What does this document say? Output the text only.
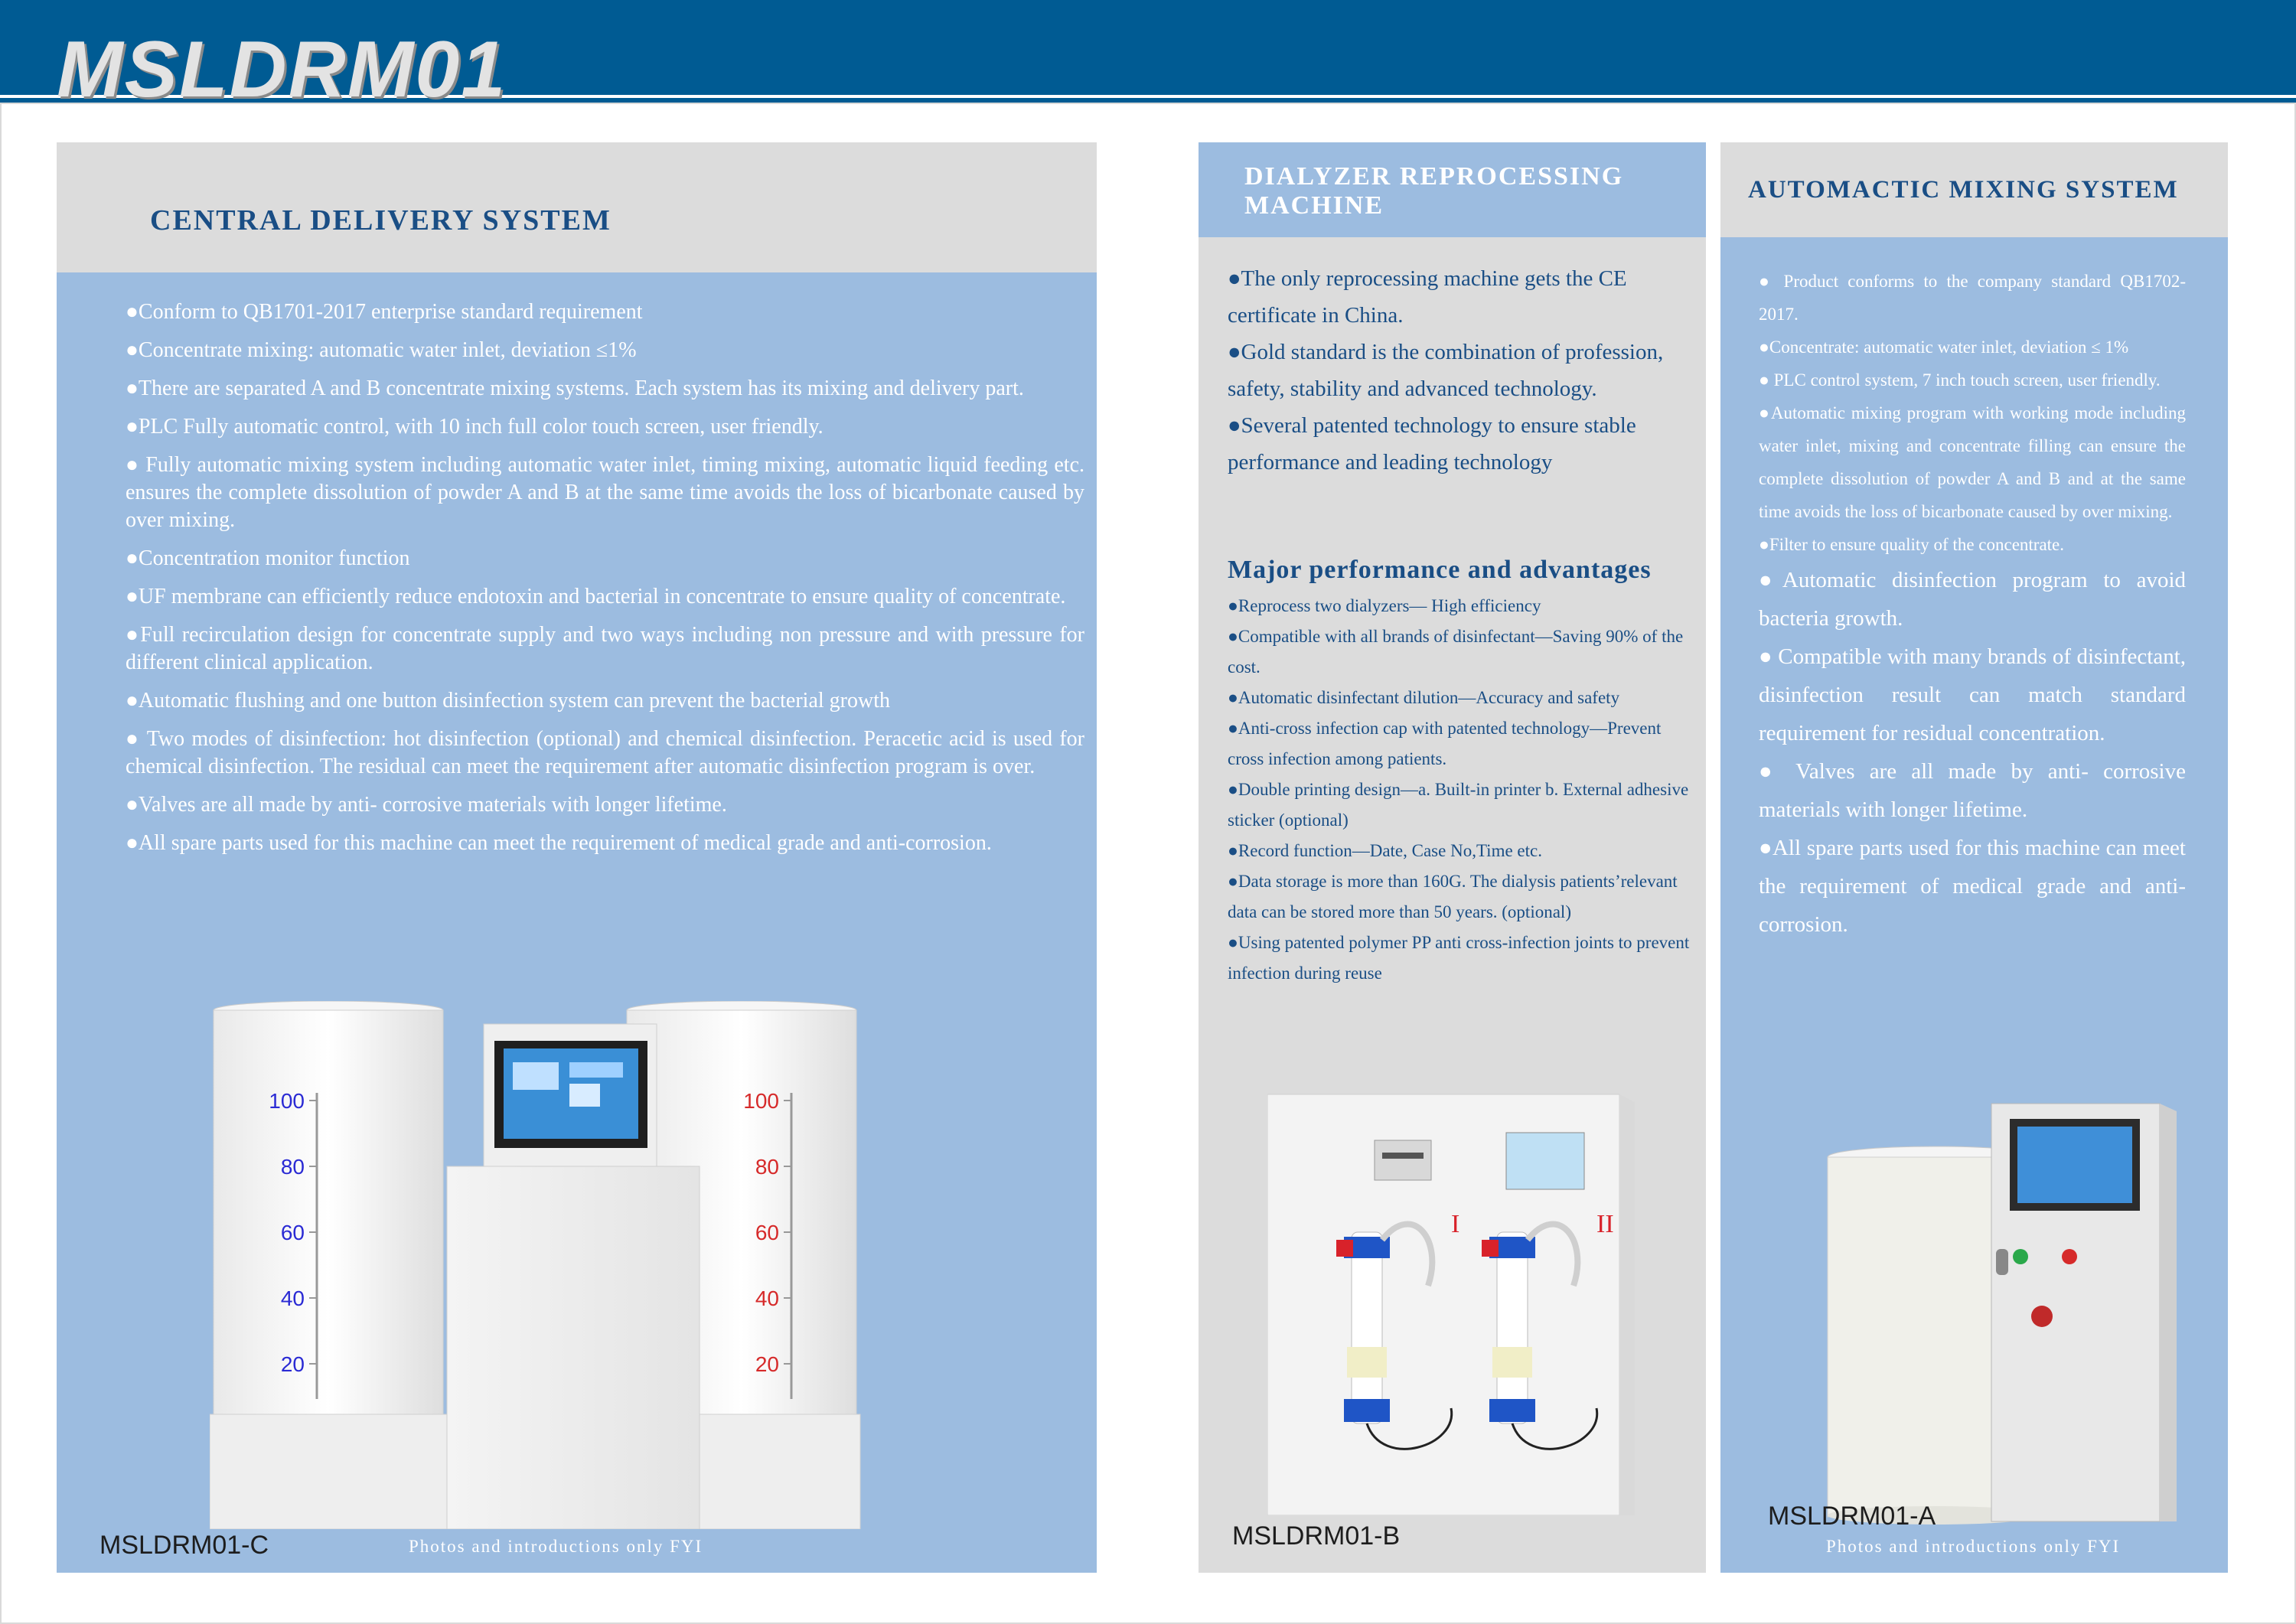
MSLDRM01
CENTRAL DELIVERY SYSTEM
●Conform to QB1701-2017 enterprise standard requirement
●Concentrate mixing: automatic water inlet, deviation ≤1%
●There are separated A and B concentrate mixing systems. Each system has its mixing and delivery part.
●PLC Fully automatic control, with 10 inch full color touch screen, user friendly.
● Fully automatic mixing system including automatic water inlet, timing mixing, automatic liquid feeding etc. ensures the complete dissolution of powder A and B at the same time avoids the loss of bicarbonate caused by over mixing.
●Concentration monitor function
●UF membrane can efficiently reduce endotoxin and bacterial in concentrate to ensure quality of concentrate.
●Full recirculation design for concentrate supply and two ways including non pressure and with pressure for different clinical application.
●Automatic flushing and one button disinfection system can prevent the bacterial growth
● Two modes of disinfection: hot disinfection (optional) and chemical disinfection. Peracetic acid is used for chemical disinfection. The residual can meet the requirement after automatic disinfection program is over.
●Valves are all made by anti- corrosive materials with longer lifetime.
●All spare parts used for this machine can meet the requirement of medical grade and anti-corrosion.
100
80
60
40
20
100
80
60
40
20

MSLDRM01-C	Photos and introductions only FYI

DIALYZER REPROCESSING MACHINE
●The only reprocessing machine gets the CE certificate in China.
●Gold standard is the combination of profession, safety, stability and advanced technology.
●Several patented technology to ensure stable performance and leading technology
Major performance and advantages
●Reprocess two dialyzers— High efficiency
●Compatible with all brands of disinfectant—Saving 90% of the cost.
●Automatic disinfectant dilution—Accuracy and safety
●Anti-cross infection cap with patented technology—Prevent cross infection among patients.
●Double printing design—a. Built-in printer b. External adhesive sticker (optional)
●Record function—Date, Case No,Time etc.
●Data storage is more than 160G. The dialysis patients’relevant data can be stored more than 50 years. (optional)
●Using patented polymer PP anti cross-infection joints to prevent infection during reuse
I	II

MSLDRM01-B

AUTOMACTIC MIXING SYSTEM
● Product conforms to the company standard QB1702-2017.
●Concentrate: automatic water inlet, deviation ≤ 1%
● PLC control system, 7 inch touch screen, user friendly.
●Automatic mixing program with working mode including water inlet, mixing and concentrate filling can ensure the complete dissolution of powder A and B and at the same time avoids the loss of bicarbonate caused by over mixing.
●Filter to ensure quality of the concentrate.
●Automatic disinfection program to avoid bacteria growth.
● Compatible with many brands of disinfectant, disinfection result can match standard requirement for residual concentration.
● Valves are all made by anti- corrosive materials with longer lifetime.
●All spare parts used for this machine can meet the requirement of medical grade and anti-corrosion.

MSLDRM01-A

Photos and introductions only FYI
